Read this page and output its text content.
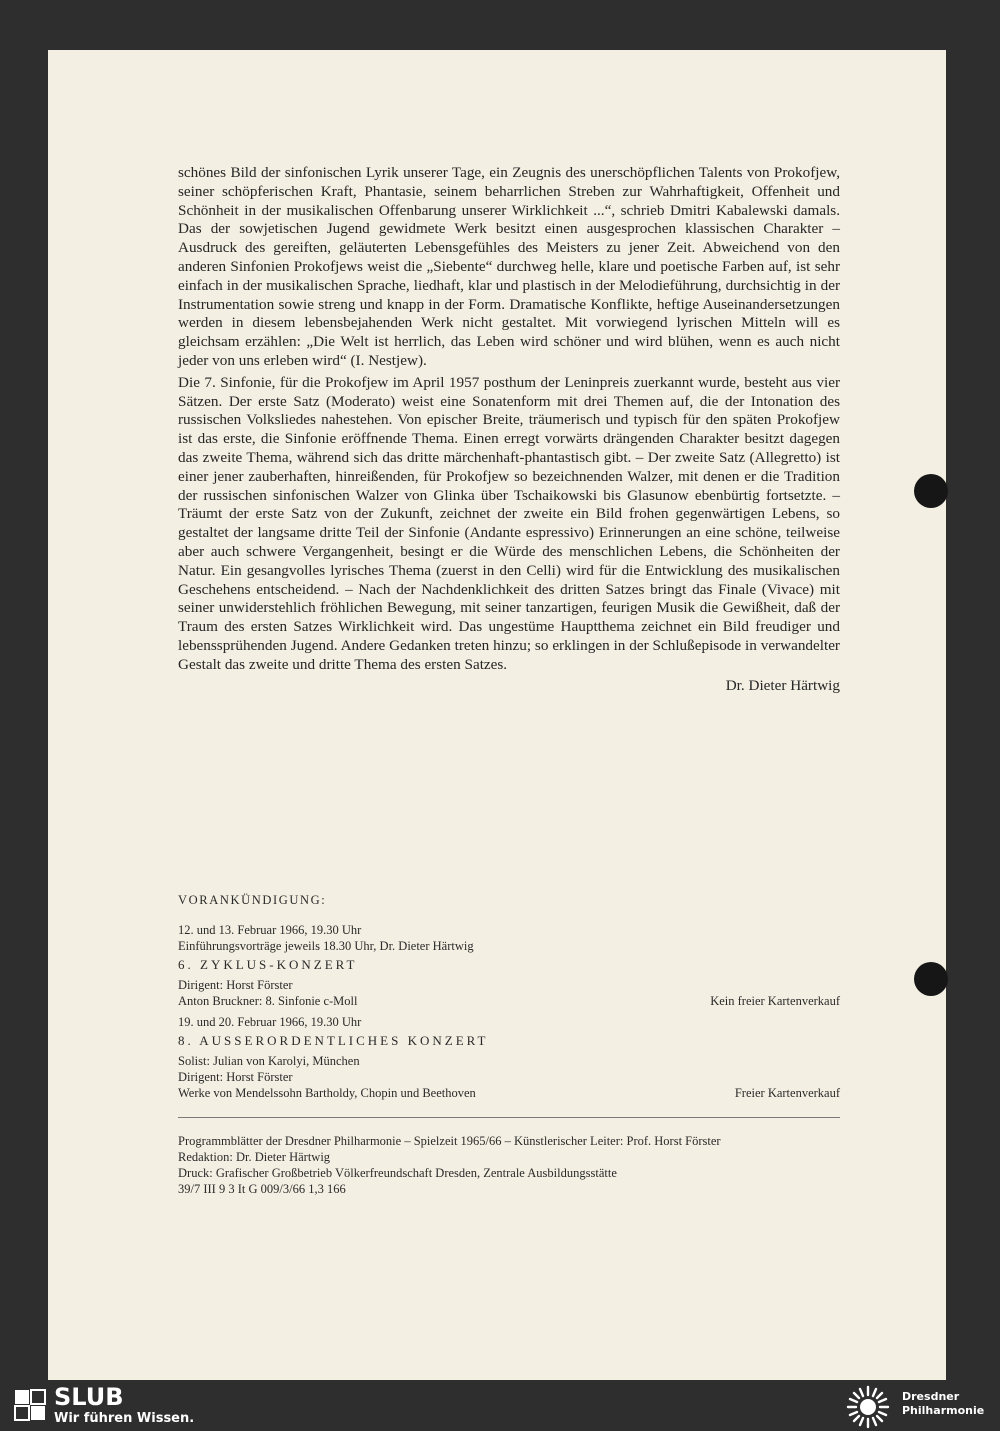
schönes Bild der sinfonischen Lyrik unserer Tage, ein Zeugnis des unerschöpflichen Talents von Prokofjew, seiner schöpferischen Kraft, Phantasie, seinem beharrlichen Streben zur Wahrhaftigkeit, Offenheit und Schönheit in der musikalischen Offenbarung unserer Wirklichkeit ...“, schrieb Dmitri Kabalewski damals. Das der sowjetischen Jugend gewidmete Werk besitzt einen ausgesprochen klassischen Charakter – Ausdruck des gereiften, geläuterten Lebensgefühles des Meisters zu jener Zeit. Abweichend von den anderen Sinfonien Prokofjews weist die „Siebente“ durchweg helle, klare und poetische Farben auf, ist sehr einfach in der musikalischen Sprache, liedhaft, klar und plastisch in der Melodieführung, durchsichtig in der Instrumentation sowie streng und knapp in der Form. Dramatische Konflikte, heftige Auseinandersetzungen werden in diesem lebensbejahenden Werk nicht gestaltet. Mit vorwiegend lyrischen Mitteln will es gleichsam erzählen: „Die Welt ist herrlich, das Leben wird schöner und wird blühen, wenn es auch nicht jeder von uns erleben wird“ (I. Nestjew).

Die 7. Sinfonie, für die Prokofjew im April 1957 posthum der Leninpreis zuerkannt wurde, besteht aus vier Sätzen. Der erste Satz (Moderato) weist eine Sonatenform mit drei Themen auf, die der Intonation des russischen Volksliedes nahestehen. Von epischer Breite, träumerisch und typisch für den späten Prokofjew ist das erste, die Sinfonie eröffnende Thema. Einen erregt vorwärts drängenden Charakter besitzt dagegen das zweite Thema, während sich das dritte märchenhaft-phantastisch gibt. – Der zweite Satz (Allegretto) ist einer jener zauberhaften, hinreißenden, für Prokofjew so bezeichnenden Walzer, mit denen er die Tradition der russischen sinfonischen Walzer von Glinka über Tschaikowski bis Glasunow ebenbürtig fortsetzte. – Träumt der erste Satz von der Zukunft, zeichnet der zweite ein Bild frohen gegenwärtigen Lebens, so gestaltet der langsame dritte Teil der Sinfonie (Andante espressivo) Erinnerungen an eine schöne, teilweise aber auch schwere Vergangenheit, besingt er die Würde des menschlichen Lebens, die Schönheiten der Natur. Ein gesangvolles lyrisches Thema (zuerst in den Celli) wird für die Entwicklung des musikalischen Geschehens entscheidend. – Nach der Nachdenklichkeit des dritten Satzes bringt das Finale (Vivace) mit seiner unwiderstehlich fröhlichen Bewegung, mit seiner tanzartigen, feurigen Musik die Gewißheit, daß der Traum des ersten Satzes Wirklichkeit wird. Das ungestüme Hauptthema zeichnet ein Bild freudiger und lebenssprühenden Jugend. Andere Gedanken treten hinzu; so erklingen in der Schlußepisode in verwandelter Gestalt das zweite und dritte Thema des ersten Satzes.

Dr. Dieter Härtwig
VORANKÜNDIGUNG:
12. und 13. Februar 1966, 19.30 Uhr
Einführungsvorträge jeweils 18.30 Uhr, Dr. Dieter Härtwig
6. ZYKLUS-KONZERT
Dirigent: Horst Förster
Anton Bruckner: 8. Sinfonie c-Moll	Kein freier Kartenverkauf
19. und 20. Februar 1966, 19.30 Uhr
8. AUSSERORDENTLICHES KONZERT
Solist: Julian von Karolyi, München
Dirigent: Horst Förster
Werke von Mendelssohn Bartholdy, Chopin und Beethoven	Freier Kartenverkauf
Programmblätter der Dresdner Philharmonie – Spielzeit 1965/66 – Künstlerischer Leiter: Prof. Horst Förster
Redaktion: Dr. Dieter Härtwig
Druck: Grafischer Großbetrieb Völkerfreundschaft Dresden, Zentrale Ausbildungsstätte
39/7 III 9 3 It G 009/3/66 1,3 166
SLUB
Wir führen Wissen.
Dresdner
Philharmonie
